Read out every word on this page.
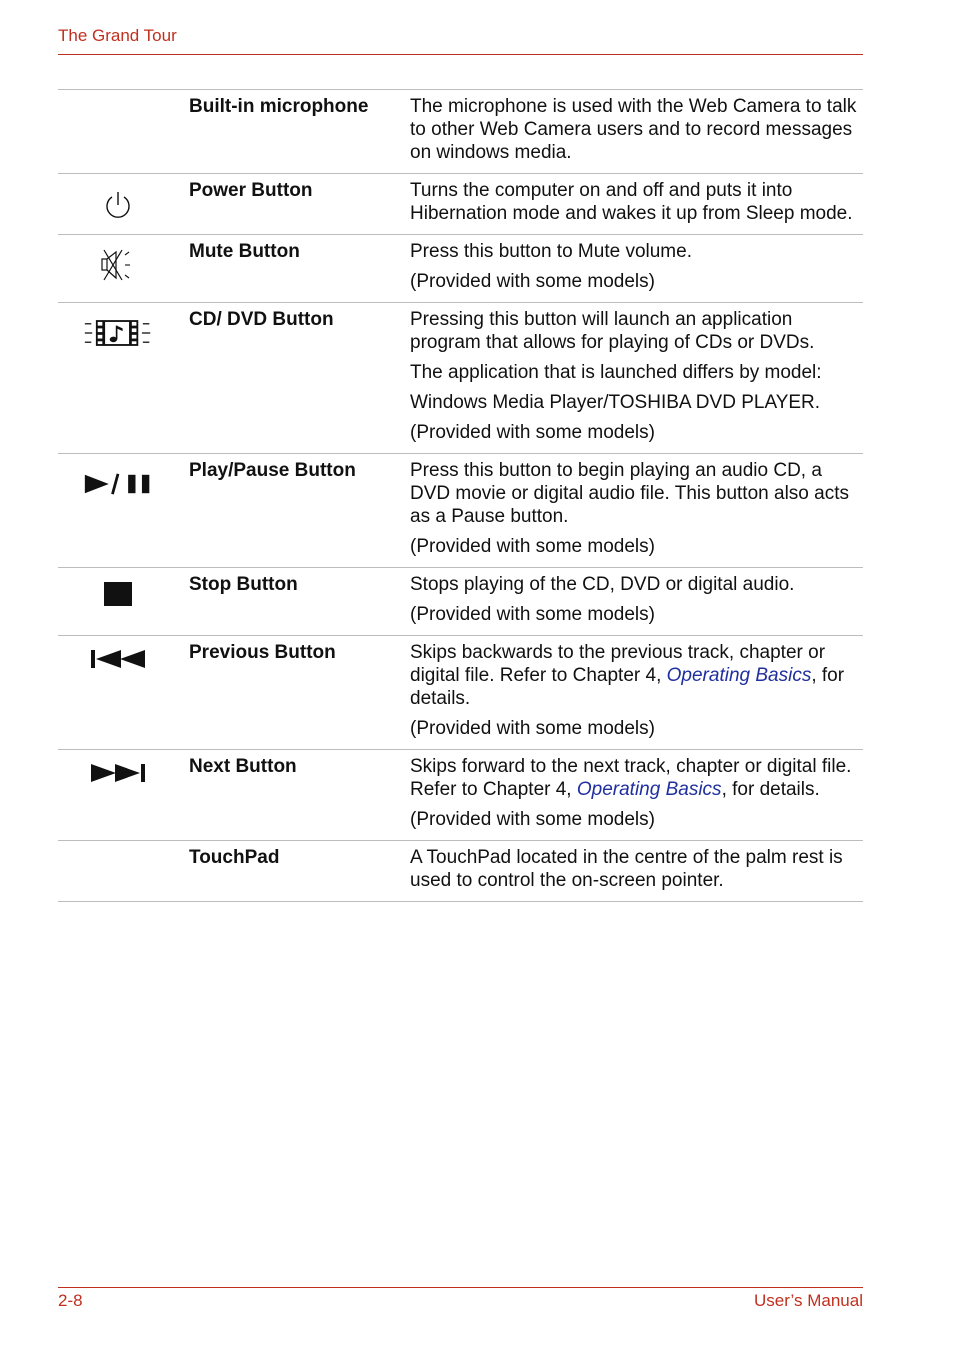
The Grand Tour
Built-in microphone	The microphone is used with the Web Camera to talk to other Web Camera users and to record messages on windows media.

Power Button	Turns the computer on and off and puts it into Hibernation mode and wakes it up from Sleep mode.

Mute Button	Press this button to Mute volume.

(Provided with some models)

CD/ DVD Button	Pressing this button will launch an application program that allows for playing of CDs or DVDs.

The application that is launched differs by model:

Windows Media Player/TOSHIBA DVD PLAYER.

(Provided with some models)

Play/Pause Button	Press this button to begin playing an audio CD, a DVD movie or digital audio file. This button also acts as a Pause button.

(Provided with some models)

Stop Button	Stops playing of the CD, DVD or digital audio.

(Provided with some models)

Previous Button	Skips backwards to the previous track, chapter or digital file. Refer to Chapter 4, Operating Basics, for details.

(Provided with some models)

Next Button	Skips forward to the next track, chapter or digital file. Refer to Chapter 4, Operating Basics, for details.

(Provided with some models)

TouchPad	A TouchPad located in the centre of the palm rest is used to control the on-screen pointer.

2-8	User’s Manual
